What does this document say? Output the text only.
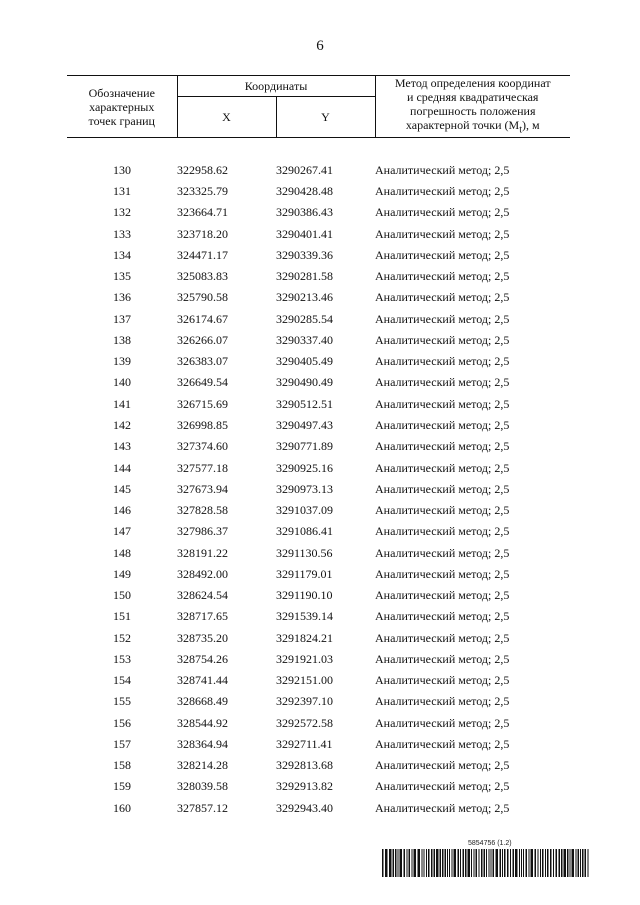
6
Обозначение
характерных
точек границ	Координаты		Метод определения координат
и средняя квадратическая
погрешность положения
характерной точки $(M_t)$, м
	X	Y	

130	322958.62	3290267.41	Аналитический метод; 2,5
131	323325.79	3290428.48	Аналитический метод; 2,5
132	323664.71	3290386.43	Аналитический метод; 2,5
133	323718.20	3290401.41	Аналитический метод; 2,5
134	324471.17	3290339.36	Аналитический метод; 2,5
135	325083.83	3290281.58	Аналитический метод; 2,5
136	325790.58	3290213.46	Аналитический метод; 2,5
137	326174.67	3290285.54	Аналитический метод; 2,5
138	326266.07	3290337.40	Аналитический метод; 2,5
139	326383.07	3290405.49	Аналитический метод; 2,5
140	326649.54	3290490.49	Аналитический метод; 2,5
141	326715.69	3290512.51	Аналитический метод; 2,5
142	326998.85	3290497.43	Аналитический метод; 2,5
143	327374.60	3290771.89	Аналитический метод; 2,5
144	327577.18	3290925.16	Аналитический метод; 2,5
145	327673.94	3290973.13	Аналитический метод; 2,5
146	327828.58	3291037.09	Аналитический метод; 2,5
147	327986.37	3291086.41	Аналитический метод; 2,5
148	328191.22	3291130.56	Аналитический метод; 2,5
149	328492.00	3291179.01	Аналитический метод; 2,5
150	328624.54	3291190.10	Аналитический метод; 2,5
151	328717.65	3291539.14	Аналитический метод; 2,5
152	328735.20	3291824.21	Аналитический метод; 2,5
153	328754.26	3291921.03	Аналитический метод; 2,5
154	328741.44	3292151.00	Аналитический метод; 2,5
155	328668.49	3292397.10	Аналитический метод; 2,5
156	328544.92	3292572.58	Аналитический метод; 2,5
157	328364.94	3292711.41	Аналитический метод; 2,5
158	328214.28	3292813.68	Аналитический метод; 2,5
159	328039.58	3292913.82	Аналитический метод; 2,5
160	327857.12	3292943.40	Аналитический метод; 2,5
5854756 (1.2)
